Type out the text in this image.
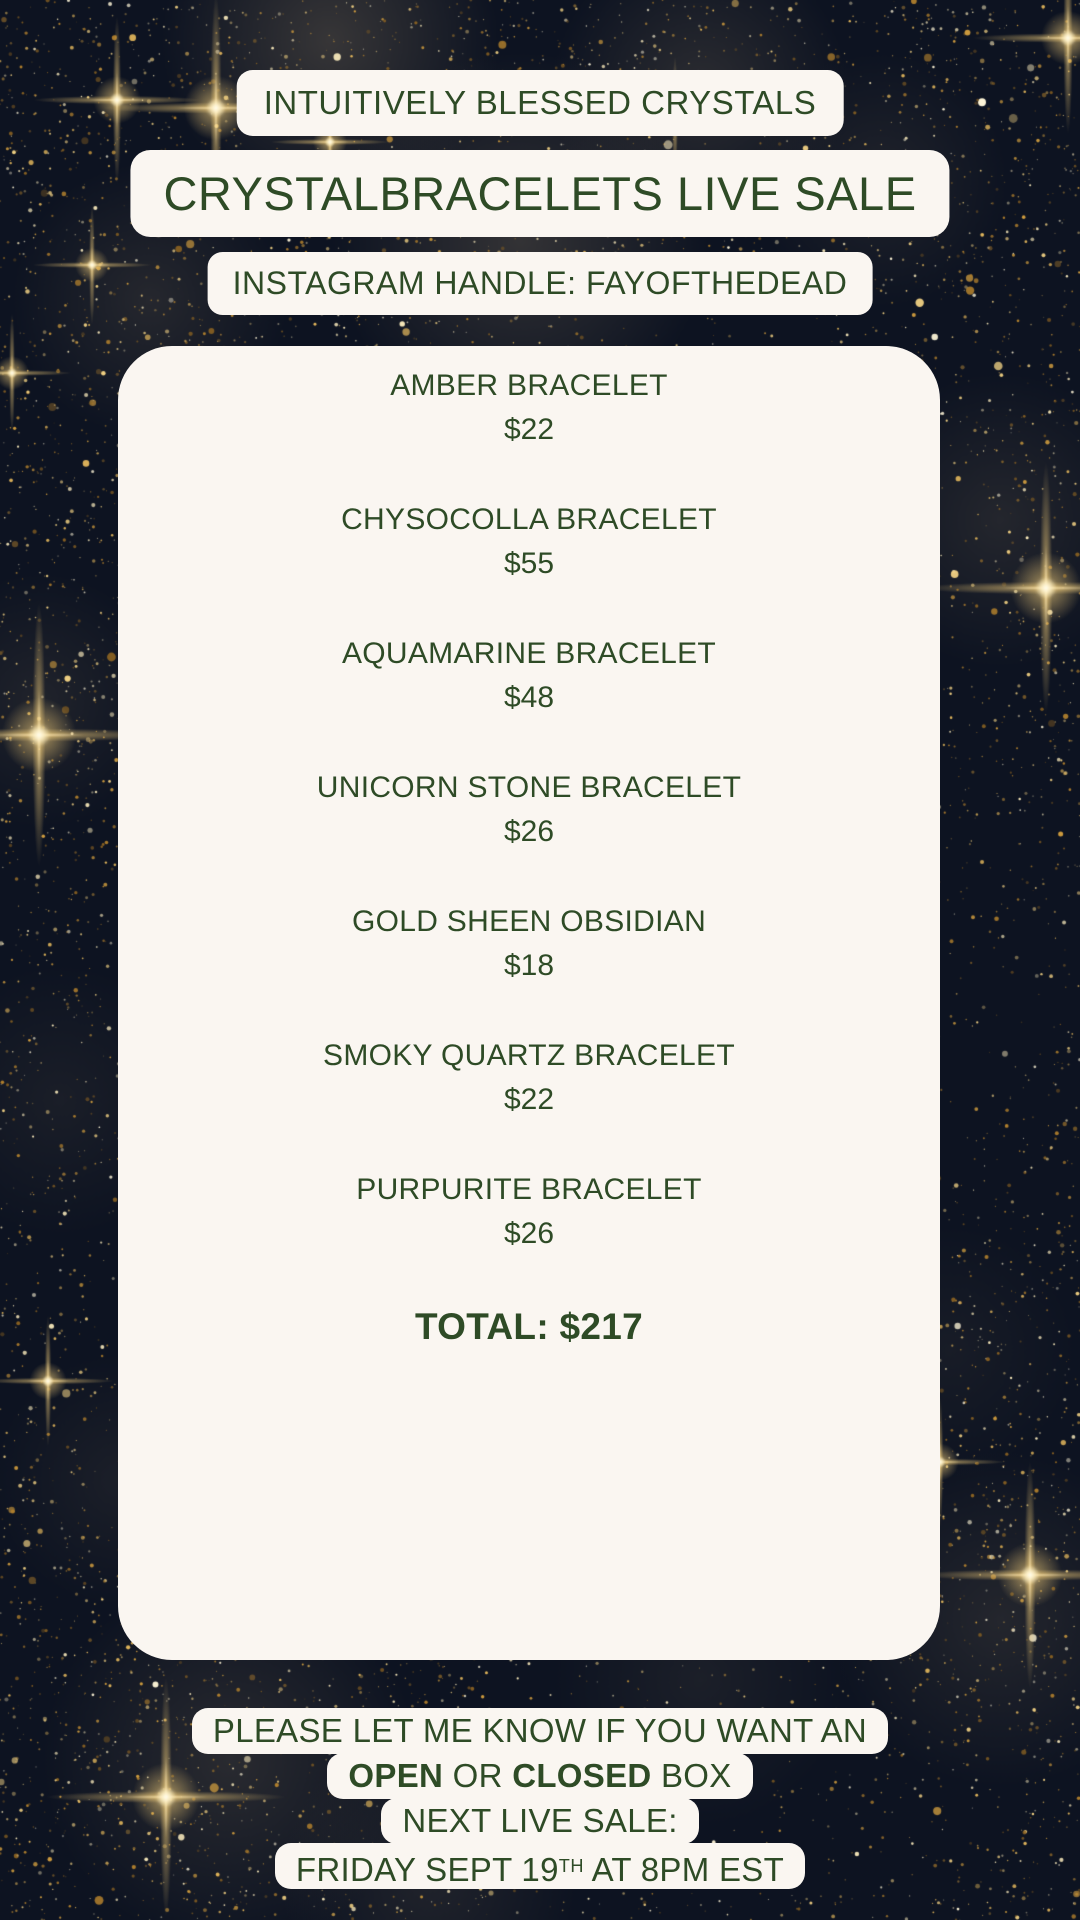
INTUITIVELY BLESSED CRYSTALS
CRYSTALBRACELETS LIVE SALE
INSTAGRAM HANDLE: FAYOFTHEDEAD
AMBER BRACELET
$22
CHYSOCOLLA BRACELET
$55
AQUAMARINE BRACELET
$48
UNICORN STONE BRACELET
$26
GOLD SHEEN OBSIDIAN
$18
SMOKY QUARTZ BRACELET
$22
PURPURITE BRACELET
$26
TOTAL: $217
PLEASE LET ME KNOW IF YOU WANT AN
OPEN OR CLOSED BOX
NEXT LIVE SALE:
FRIDAY SEPT 19TH AT 8PM EST
